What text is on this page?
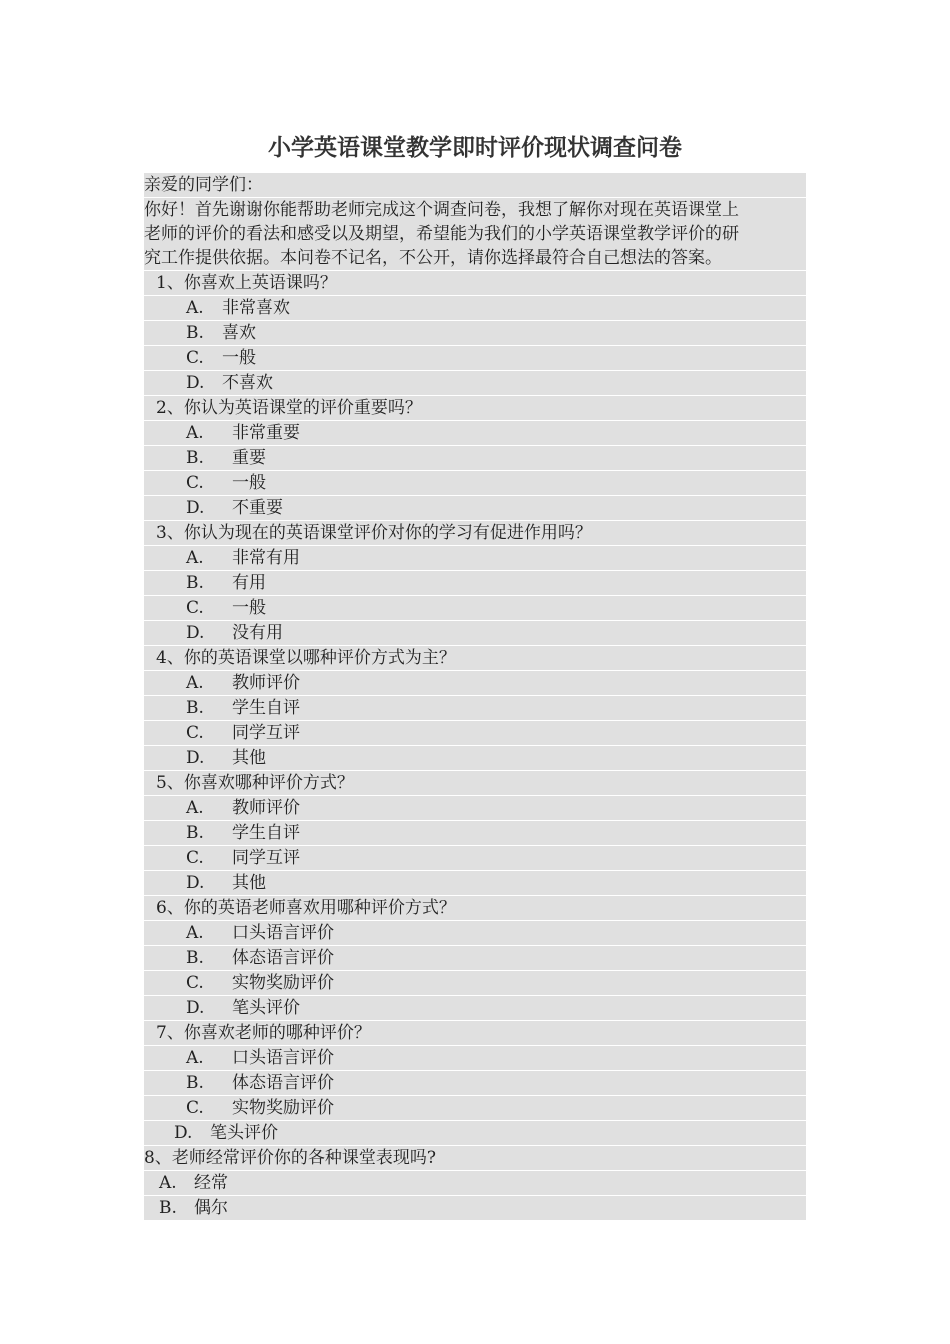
小学英语课堂教学即时评价现状调查问卷
亲爱的同学们：
你好！首先谢谢你能帮助老师完成这个调查问卷，我想了解你对现在英语课堂上
老师的评价的看法和感受以及期望，希望能为我们的小学英语课堂教学评价的研
究工作提供依据。本问卷不记名，不公开，请你选择最符合自己想法的答案。
1、你喜欢上英语课吗？
A. 非常喜欢
B. 喜欢
C. 一般
D. 不喜欢
2、你认为英语课堂的评价重要吗？
A. 非常重要
B. 重要
C. 一般
D. 不重要
3、你认为现在的英语课堂评价对你的学习有促进作用吗？
A. 非常有用
B. 有用
C. 一般
D. 没有用
4、你的英语课堂以哪种评价方式为主？
A. 教师评价
B. 学生自评
C. 同学互评
D. 其他
5、你喜欢哪种评价方式？
A. 教师评价
B. 学生自评
C. 同学互评
D. 其他
6、你的英语老师喜欢用哪种评价方式？
A. 口头语言评价
B. 体态语言评价
C. 实物奖励评价
D. 笔头评价
7、你喜欢老师的哪种评价？
A. 口头语言评价
B. 体态语言评价
C. 实物奖励评价
D. 笔头评价
8、老师经常评价你的各种课堂表现吗?
A. 经常
B. 偶尔
